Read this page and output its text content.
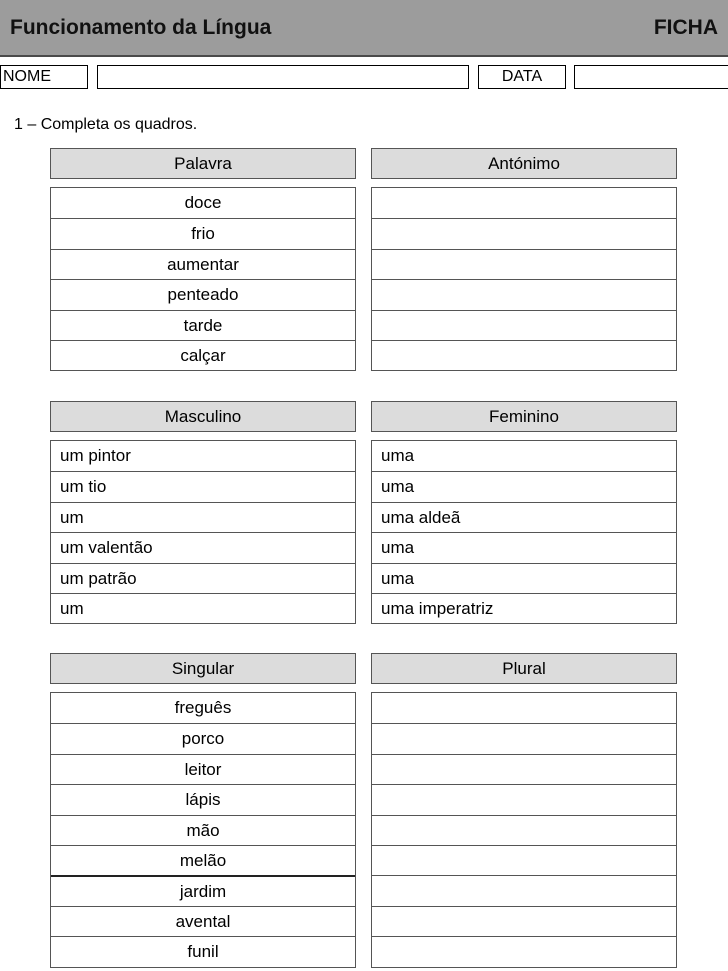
Funcionamento da Língua	FICHA
NOME	DATA
1 – Completa os quadros.
Palavra
doce
frio
aumentar
penteado
tarde
calçar
Antónimo
Masculino
um pintor
um tio
um
um valentão
um patrão
um
Feminino
uma
uma
uma aldeã
uma
uma
uma imperatriz
Singular
freguês
porco
leitor
lápis
mão
melão
jardim
avental
funil
Plural
